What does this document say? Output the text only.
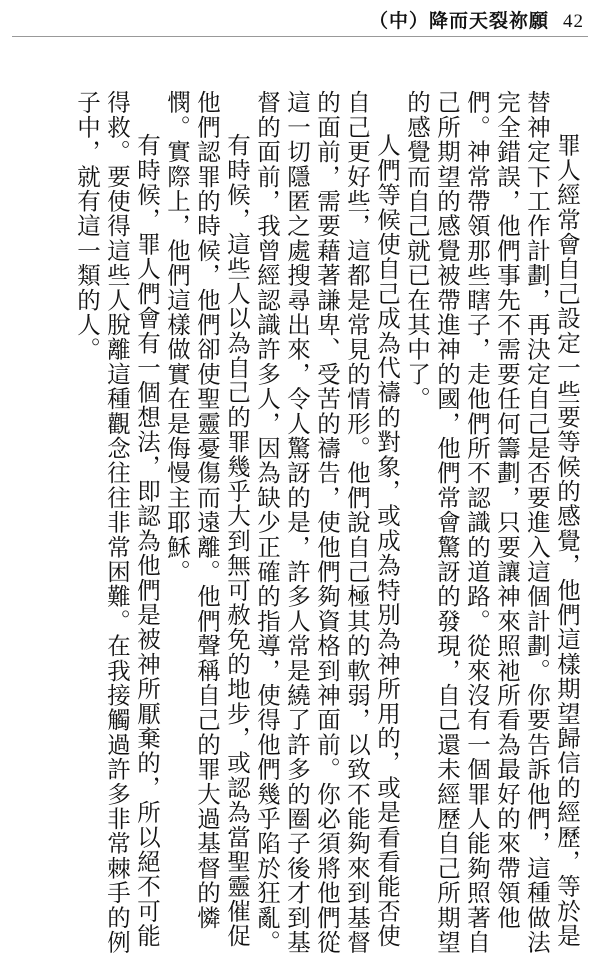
（中）降而天裂祢願 42

罪人經常會自己設定一些要等候的感覺，他們這樣期望歸信的經歷，等於是替神定下工作計劃，再決定自己是否要進入這個計劃。你要告訴他們，這種做法完全錯誤，他們事先不需要任何籌劃，只要讓神來照祂所看為最好的來帶領他們。神常帶領那些瞎子，走他們所不認識的道路。從來沒有一個罪人能夠照著自己所期望的感覺被帶進神的國，他們常會驚訝的發現，自己還未經歷自己所期望的感覺而自己就已在其中了。

人們等候使自己成為代禱的對象，或成為特別為神所用的，或是看看能否使自己更好些，這都是常見的情形。他們說自己極其的軟弱，以致不能夠來到基督的面前，需要藉著謙卑、受苦的禱告，使他們夠資格到神面前。你必須將他們從這一切隱匿之處搜尋出來，令人驚訝的是，許多人常是繞了許多的圈子後才到基督的面前，我曾經認識許多人，因為缺少正確的指導，使得他們幾乎陷於狂亂。

有時候，這些人以為自己的罪幾乎大到無可赦免的地步，或認為當聖靈催促他們認罪的時候，他們卻使聖靈憂傷而遠離。他們聲稱自己的罪大過基督的憐憫。實際上，他們這樣做實在是侮慢主耶穌。

有時候，罪人們會有一個想法，即認為他們是被神所厭棄的，所以絕不可能得救。要使得這些人脫離這種觀念往往非常困難。在我接觸過許多非常棘手的例子中，就有這一類的人。
